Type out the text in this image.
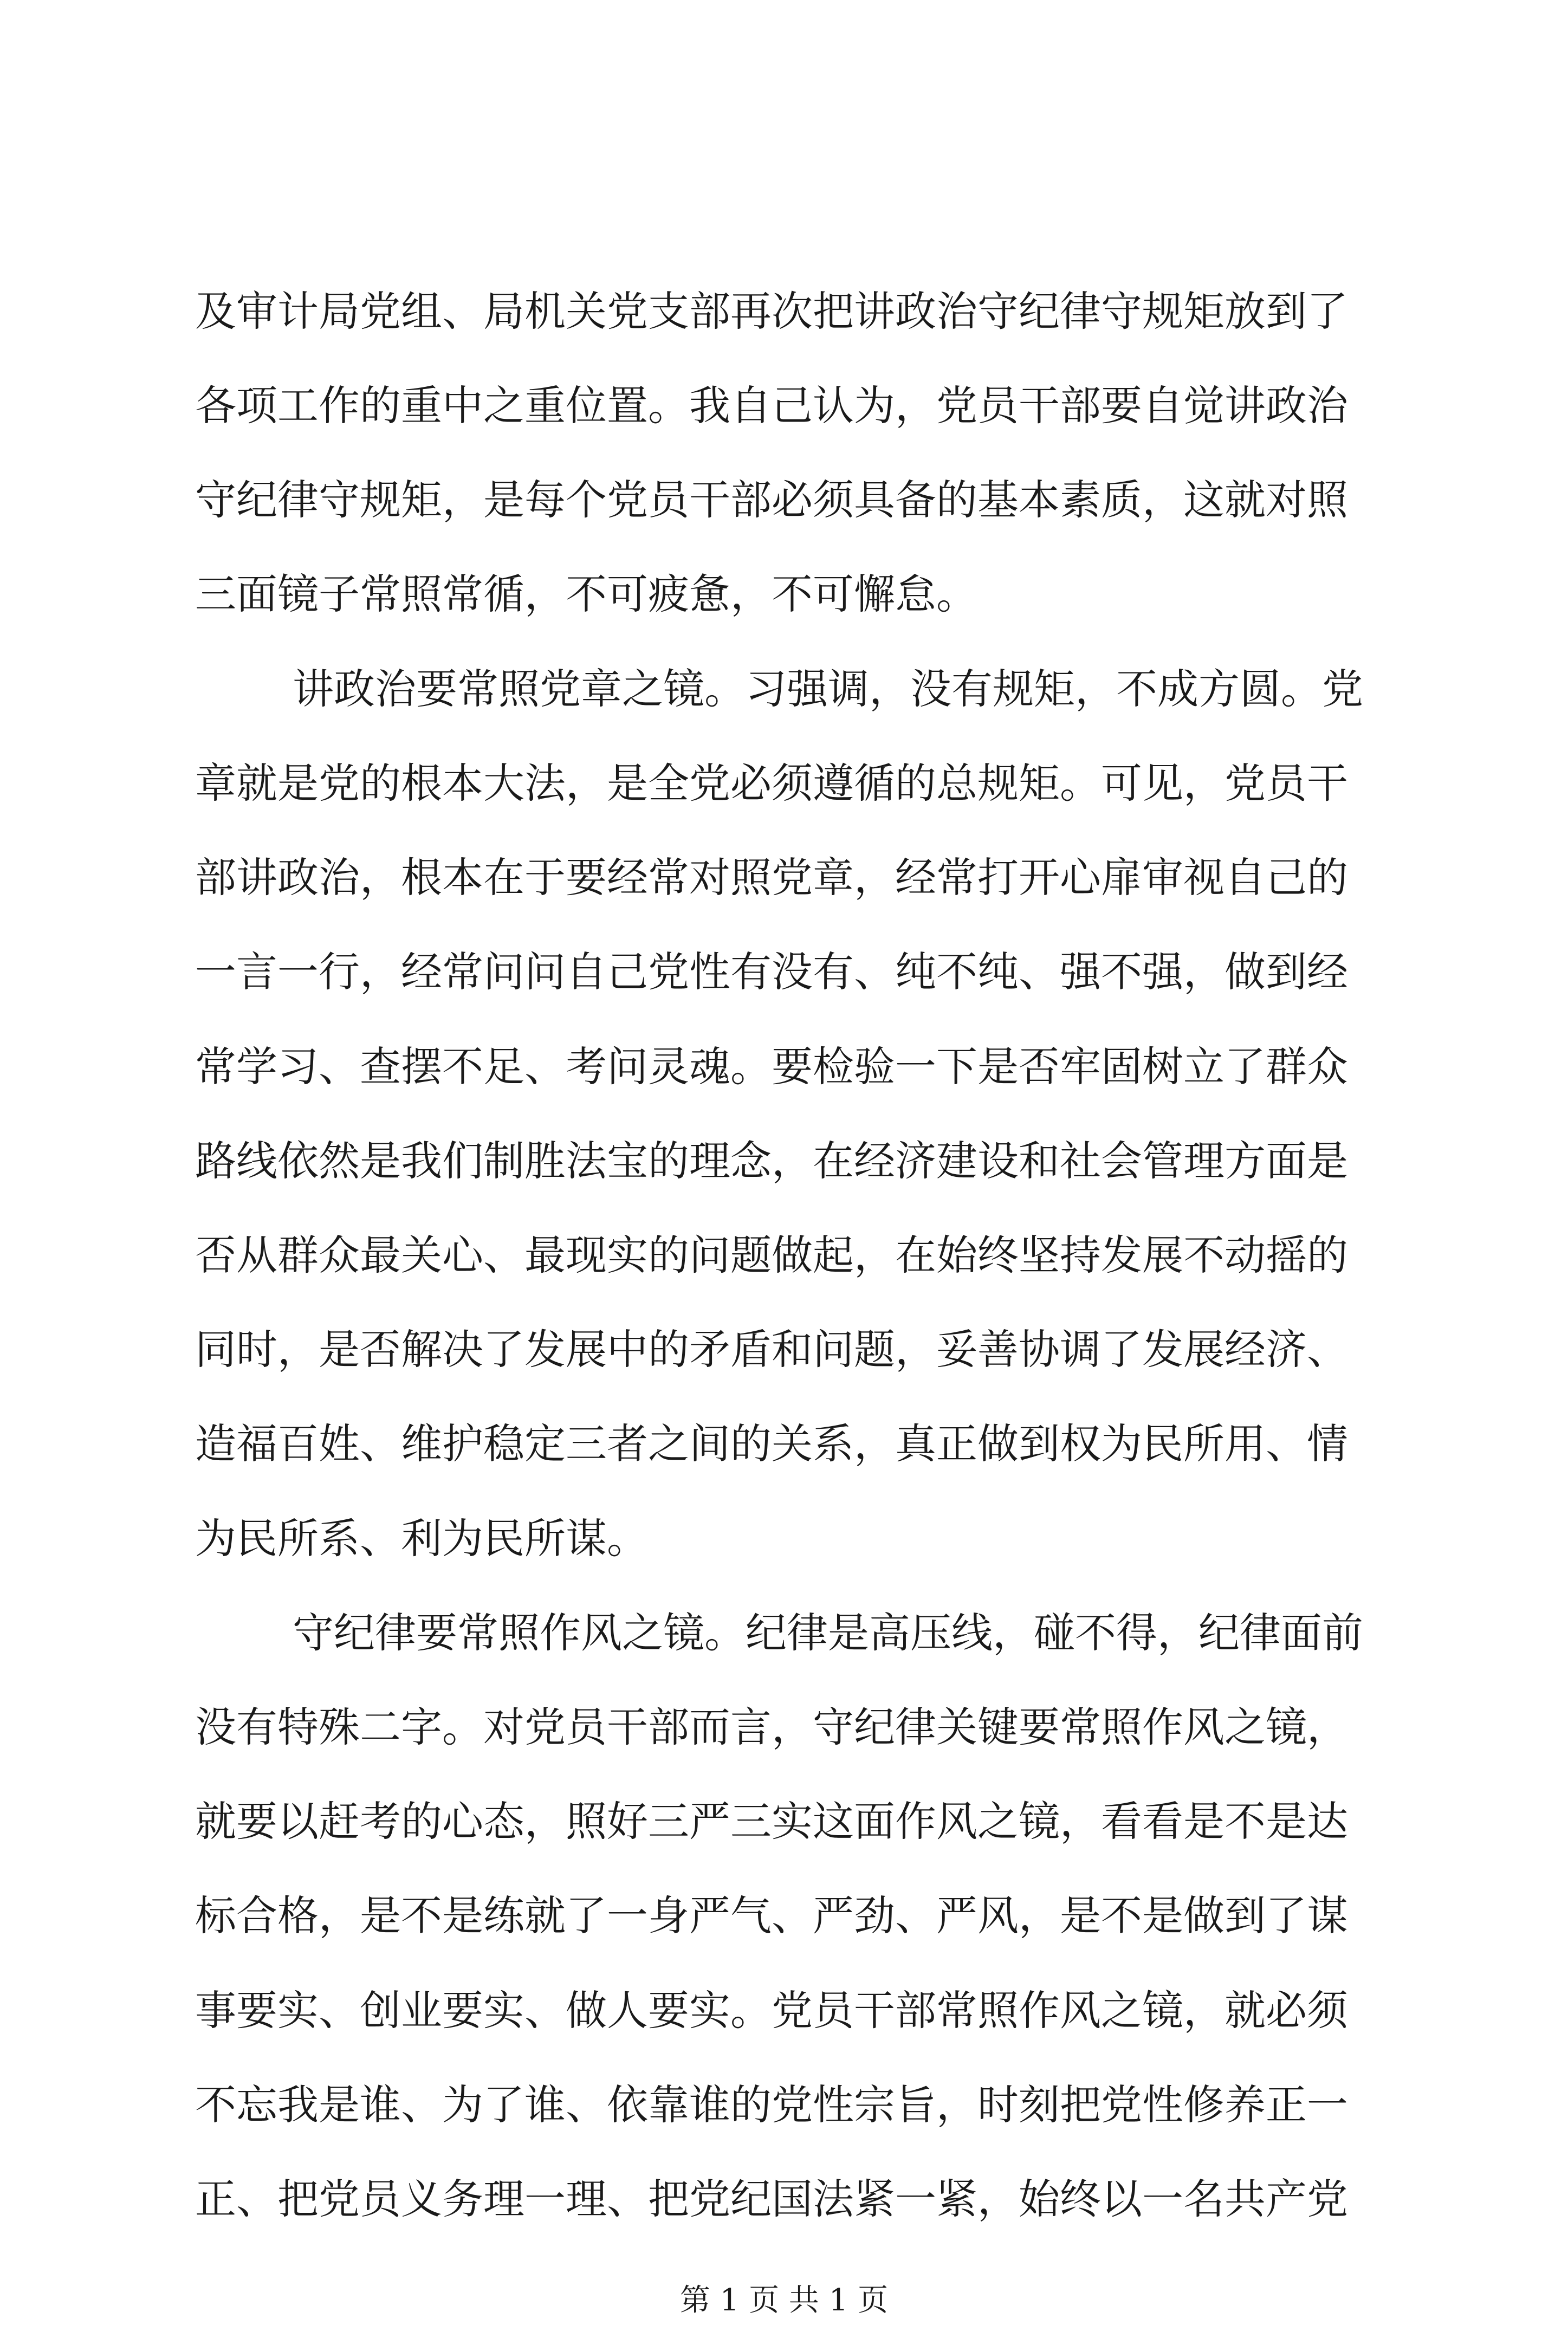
及审计局党组、局机关党支部再次把讲政治守纪律守规矩放到了
各项工作的重中之重位置。我自己认为，党员干部要自觉讲政治
守纪律守规矩，是每个党员干部必须具备的基本素质，这就对照
三面镜子常照常循，不可疲惫，不可懈怠。
讲政治要常照党章之镜。习强调，没有规矩，不成方圆。党
章就是党的根本大法，是全党必须遵循的总规矩。可见，党员干
部讲政治，根本在于要经常对照党章，经常打开心扉审视自己的
一言一行，经常问问自己党性有没有、纯不纯、强不强，做到经
常学习、查摆不足、考问灵魂。要检验一下是否牢固树立了群众
路线依然是我们制胜法宝的理念，在经济建设和社会管理方面是
否从群众最关心、最现实的问题做起，在始终坚持发展不动摇的
同时，是否解决了发展中的矛盾和问题，妥善协调了发展经济、
造福百姓、维护稳定三者之间的关系，真正做到权为民所用、情
为民所系、利为民所谋。
守纪律要常照作风之镜。纪律是高压线，碰不得，纪律面前
没有特殊二字。对党员干部而言，守纪律关键要常照作风之镜，
就要以赶考的心态，照好三严三实这面作风之镜，看看是不是达
标合格，是不是练就了一身严气、严劲、严风，是不是做到了谋
事要实、创业要实、做人要实。党员干部常照作风之镜，就必须
不忘我是谁、为了谁、依靠谁的党性宗旨，时刻把党性修养正一
正、把党员义务理一理、把党纪国法紧一紧，始终以一名共产党
第 1 页 共 1 页
